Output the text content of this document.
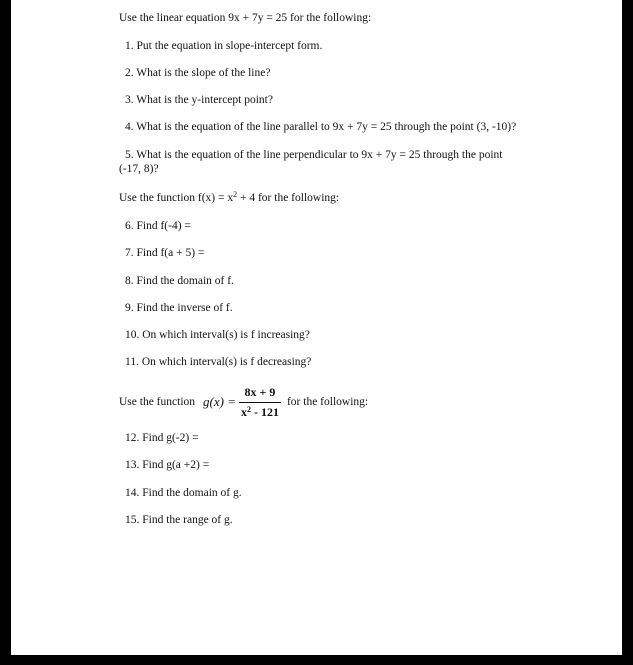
Use the linear equation 9x + 7y = 25 for the following:
1. Put the equation in slope-intercept form.
2. What is the slope of the line?
3. What is the y-intercept point?
4. What is the equation of the line parallel to 9x + 7y = 25 through the point (3, -10)?
5. What is the equation of the line perpendicular to 9x + 7y = 25 through the point
(-17, 8)?
Use the function $f(x) = x^2 + 4$ for the following:
6. Find f(-4) =
7. Find f(a + 5) =
8. Find the domain of f.
9. Find the inverse of f.
10. On which interval(s) is f increasing?
11. On which interval(s) is f decreasing?
Use the function $g(x) = \frac{8x + 9}{x^2 - 121}$ for the following:
12. Find g(-2) =
13. Find g(a +2) =
14. Find the domain of g.
15. Find the range of g.
